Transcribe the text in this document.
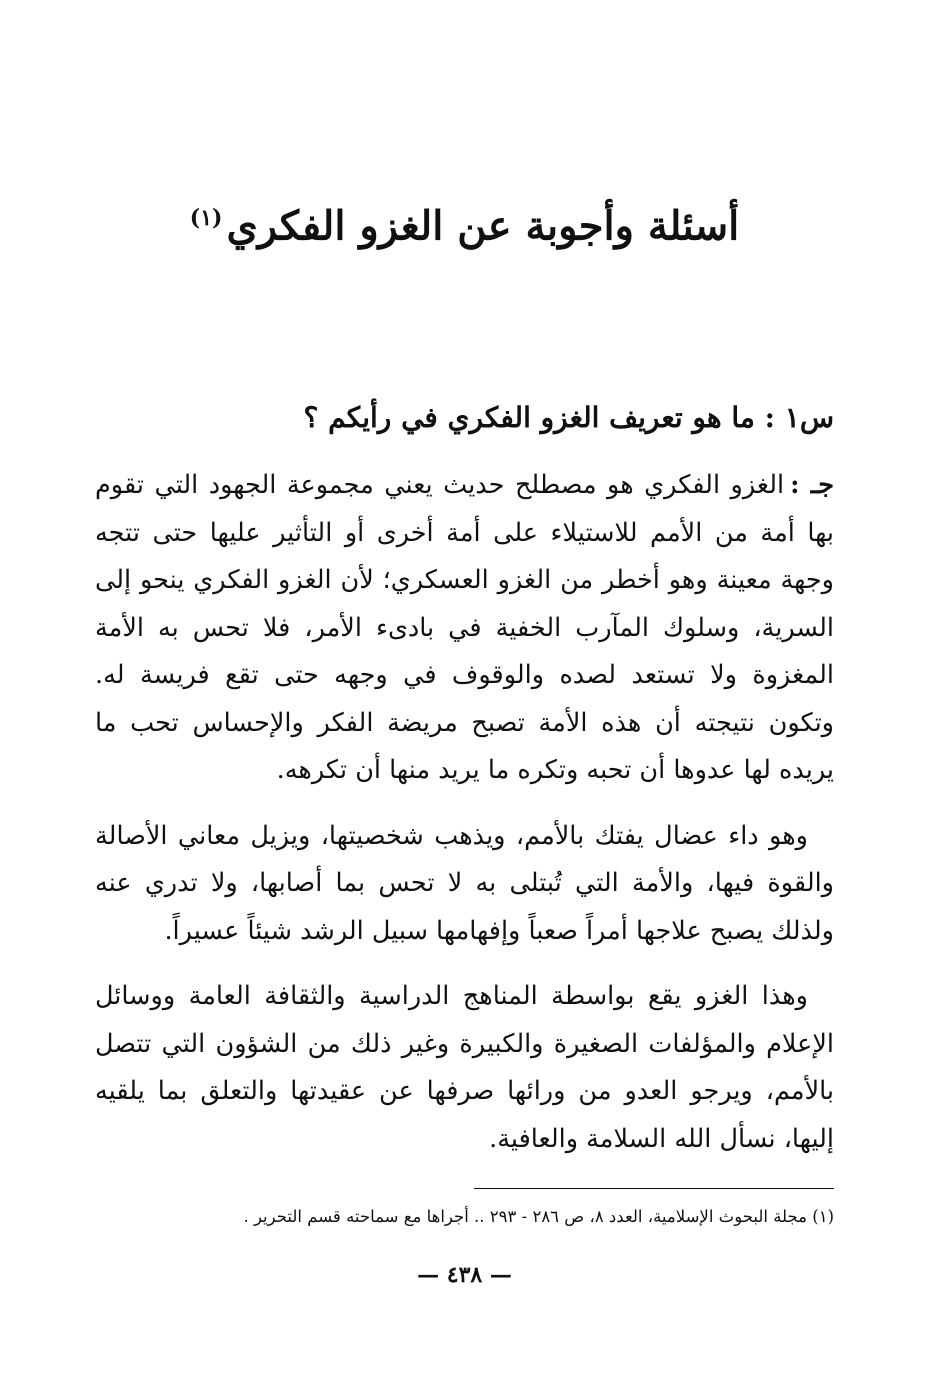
أسئلة وأجوبة عن الغزو الفكري$^{(١)}$
س١ : ما هو تعريف الغزو الفكري في رأيكم ؟

جـ :الغزو الفكري هو مصطلح حديث يعني مجموعة الجهود التي تقوم بها أمة من الأمم للاستيلاء على أمة أخرى أو التأثير عليها حتى تتجه وجهة معينة وهو أخطر من الغزو العسكري؛ لأن الغزو الفكري ينحو إلى السرية، وسلوك المآرب الخفية في بادىء الأمر، فلا تحس به الأمة المغزوة ولا تستعد لصده والوقوف في وجهه حتى تقع فريسة له. وتكون نتيجته أن هذه الأمة تصبح مريضة الفكر والإحساس تحب ما يريده لها عدوها أن تحبه وتكره ما يريد منها أن تكرهه.

وهو داء عضال يفتك بالأمم، ويذهب شخصيتها، ويزيل معاني الأصالة والقوة فيها، والأمة التي تُبتلى به لا تحس بما أصابها، ولا تدري عنه ولذلك يصبح علاجها أمراً صعباً وإفهامها سبيل الرشد شيئاً عسيراً.

وهذا الغزو يقع بواسطة المناهج الدراسية والثقافة العامة ووسائل الإعلام والمؤلفات الصغيرة والكبيرة وغير ذلك من الشؤون التي تتصل بالأمم، ويرجو العدو من ورائها صرفها عن عقيدتها والتعلق بما يلقيه إليها، نسأل الله السلامة والعافية.

(١) مجلة البحوث الإسلامية، العدد ٨، ص ٢٨٦ - ٢٩٣ .. أجراها مع سماحته قسم التحرير .
— ٤٣٨ —
